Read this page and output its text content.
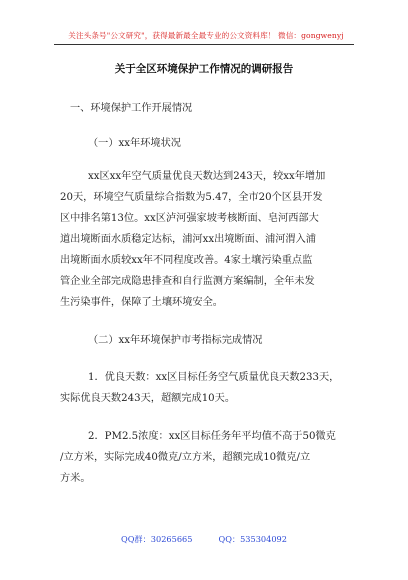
关注头条号"公文研究"，获得最新最全最专业的公文资料库！ 微信：gongwenyj
关于全区环境保护工作情况的调研报告
一、环境保护工作开展情况
（一）xx年环境状况
xx区xx年空气质量优良天数达到243天，较xx年增加
20天，环境空气质量综合指数为5.47，全市20个区县开发
区中排名第13位。xx区泸河强家坡考核断面、皂河西部大
道出境断面水质稳定达标，浦河xx出境断面、浦河渭入浦
出境断面水质较xx年不同程度改善。4家土壤污染重点监
管企业全部完成隐患排查和自行监测方案编制，全年未发
生污染事件，保障了土壤环境安全。
（二）xx年环境保护市考指标完成情况
1．优良天数：xx区目标任务空气质量优良天数233天，
实际优良天数243天，超额完成10天。
2．PM2.5浓度：xx区目标任务年平均值不高于50微克
/立方米，实际完成40微克/立方米，超额完成10微克/立
方米。
QQ群：30265665	QQ：535304092
